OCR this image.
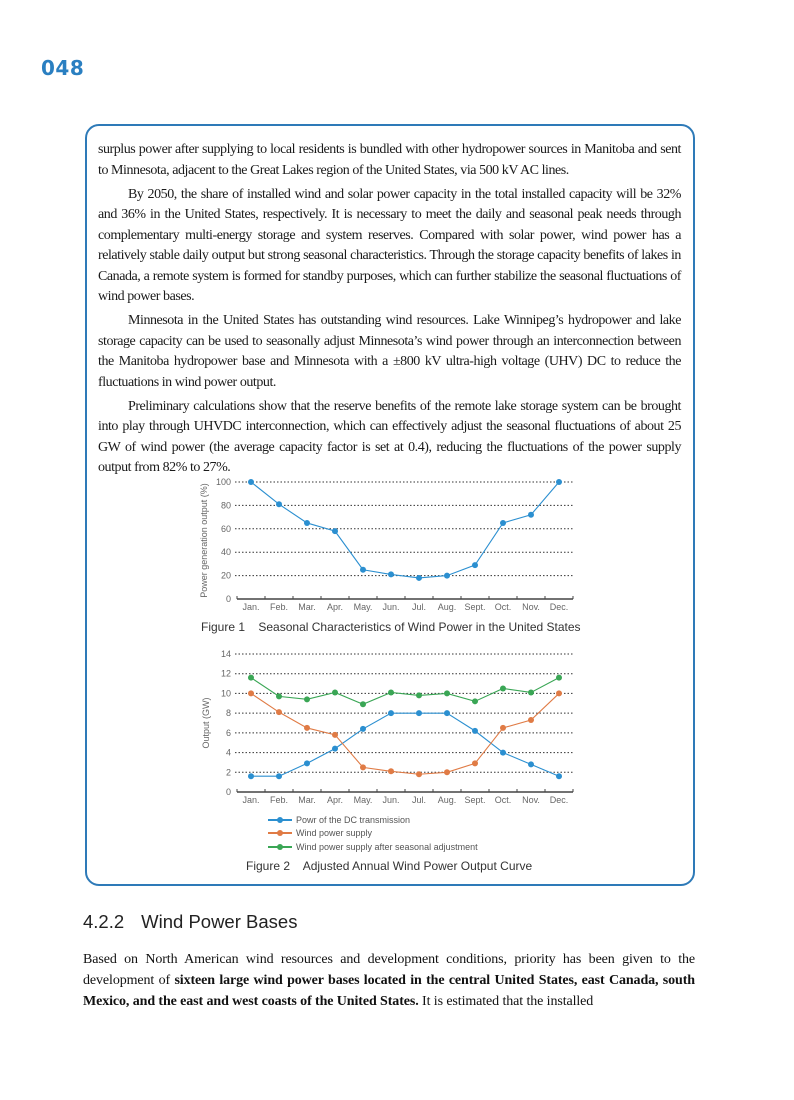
048

surplus power after supplying to local residents is bundled with other hydropower sources in Manitoba and sent to Minnesota, adjacent to the Great Lakes region of the United States, via 500 kV AC lines.

By 2050, the share of installed wind and solar power capacity in the total installed capacity will be 32% and 36% in the United States, respectively. It is necessary to meet the daily and seasonal peak needs through complementary multi-energy storage and system reserves. Compared with solar power, wind power has a relatively stable daily output but strong seasonal characteristics. Through the storage capacity benefits of lakes in Canada, a remote system is formed for standby purposes, which can further stabilize the seasonal fluctuations of wind power bases.

Minnesota in the United States has outstanding wind resources. Lake Winnipeg’s hydropower and lake storage capacity can be used to seasonally adjust Minnesota’s wind power through an interconnection between the Manitoba hydropower base and Minnesota with a ±800 kV ultra-high voltage (UHV) DC to reduce the fluctuations in wind power output.

Preliminary calculations show that the reserve benefits of the remote lake storage system can be brought into play through UHVDC interconnection, which can effectively adjust the seasonal fluctuations of about 25 GW of wind power (the average capacity factor is set at 0.4), reducing the fluctuations of the power supply output from 82% to 27%.

0
20
40
60
80
100
Jan. Feb. Mar. Apr. May. Jun. Jul. Aug. Sept. Oct. Nov. Dec.
Power generation output (%)
Figure 1 Seasonal Characteristics of Wind Power in the United States
0
2
4
6
8
10
12
14
Jan. Feb. Mar. Apr. May. Jun. Jul. Aug. Sept. Oct. Nov. Dec.
Output (GW)
Powr of the DC transmission
Wind power supply
Wind power supply after seasonal adjustment
Figure 2 Adjusted Annual Wind Power Output Curve
4.2.2 Wind Power Bases
Based on North American wind resources and development conditions, priority has been given to the development of sixteen large wind power bases located in the central United States, east Canada, south Mexico, and the east and west coasts of the United States. It is estimated that the installed
